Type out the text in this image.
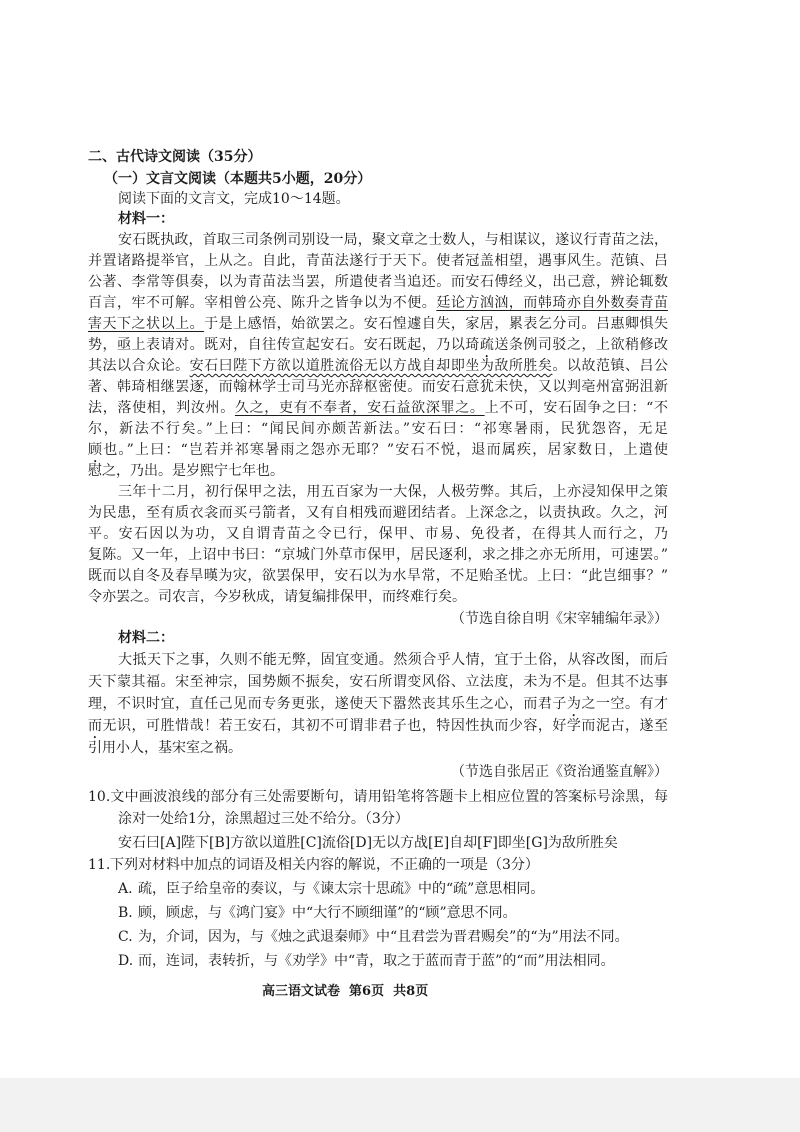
二、古代诗文阅读（35分）
（一）文言文阅读（本题共5小题，20分）
阅读下面的文言文，完成10～14题。
材料一：
安石既执政，首取三司条例司别设一局，聚文章之士数人，与相谋议，遂议行青苗之法，
并置诸路提举官，上从之。自此，青苗法遂行于天下。使者冠盖相望，遇事风生。范镇、吕
公著、李常等俱奏，以为青苗法当罢，所遣使者当追还。而安石傅经义，出己意，辨论辄数
百言，牢不可解。宰相曾公亮、陈升之皆争以为不便。廷论方汹汹，而韩琦亦自外数奏青苗
害天下之状以上。于是上感悟，始欲罢之。安石惶遽自失，家居，累表乞分司。吕惠卿惧失
势，亟上表请对。既对，自往传宣起安石。安石既起，乃以琦疏送条例司驳之，上欲稍修改
其法以合众论。安石曰陛下方欲以道胜流俗无以方战自却即坐为敌所胜矣。以故范镇、吕公
著、韩琦相继罢逐，而翰林学士司马光亦辞枢密使。而安石意犹未快，又以判亳州富弼沮新
法，落使相，判汝州。久之，吏有不奉者，安石益欲深罪之。上不可，安石固争之曰：“不
尔，新法不行矣。”上曰：“闻民间亦颇苦新法。”安石曰：“祁寒暑雨，民犹怨咨，无足
顾也。”上曰：“岂若并祁寒暑雨之怨亦无耶？”安石不悦，退而属疾，居家数日，上遣使
慰之，乃出。是岁熙宁七年也。
三年十二月，初行保甲之法，用五百家为一大保，人极劳弊。其后，上亦浸知保甲之策
为民患，至有质衣衾而买弓箭者，又有自相残而避团结者。上深念之，以责执政。久之，河
平。安石因以为功，又自谓青苗之令已行，保甲、市易、免役者，在得其人而行之，乃
复陈。又一年，上诏中书曰：“京城门外草市保甲，居民逐利，求之排之亦无所用，可速罢。”
既而以自冬及春旱暵为灾，欲罢保甲，安石以为水旱常，不足贻圣忧。上曰：“此岂细事？”
令亦罢之。司农言，今岁秋成，请复编排保甲，而终难行矣。
（节选自徐自明《宋宰辅编年录》）
材料二：
大抵天下之事，久则不能无弊，固宜变通。然须合乎人情，宜于土俗，从容改图，而后
天下蒙其福。宋至神宗，国势颇不振矣，安石所谓变风俗、立法度，未为不是。但其不达事
理，不识时宜，直任己见而专务更张，遂使天下嚣然丧其乐生之心，而君子为之一空。有才
而无识，可胜惜哉！若王安石，其初不可谓非君子也，特因性执而少容，好学而泥古，遂至
引用小人，基宋室之祸。
（节选自张居正《资治通鉴直解》）
10.文中画波浪线的部分有三处需要断句，请用铅笔将答题卡上相应位置的答案标号涂黑，每
涂对一处给1分，涂黑超过三处不给分。（3分）
安石曰[A]陛下[B]方欲以道胜[C]流俗[D]无以方战[E]自却[F]即坐[G]为敌所胜矣
11.下列对材料中加点的词语及相关内容的解说，不正确的一项是（3分）
A. 疏，臣子给皇帝的奏议，与《谏太宗十思疏》中的“疏”意思相同。
B. 顾，顾虑，与《鸿门宴》中“大行不顾细谨”的“顾”意思不同。
C. 为，介词，因为，与《烛之武退秦师》中“且君尝为晋君赐矣”的“为”用法不同。
D. 而，连词，表转折，与《劝学》中“青，取之于蓝而青于蓝”的“而”用法相同。
高三语文试卷  第6页  共8页
